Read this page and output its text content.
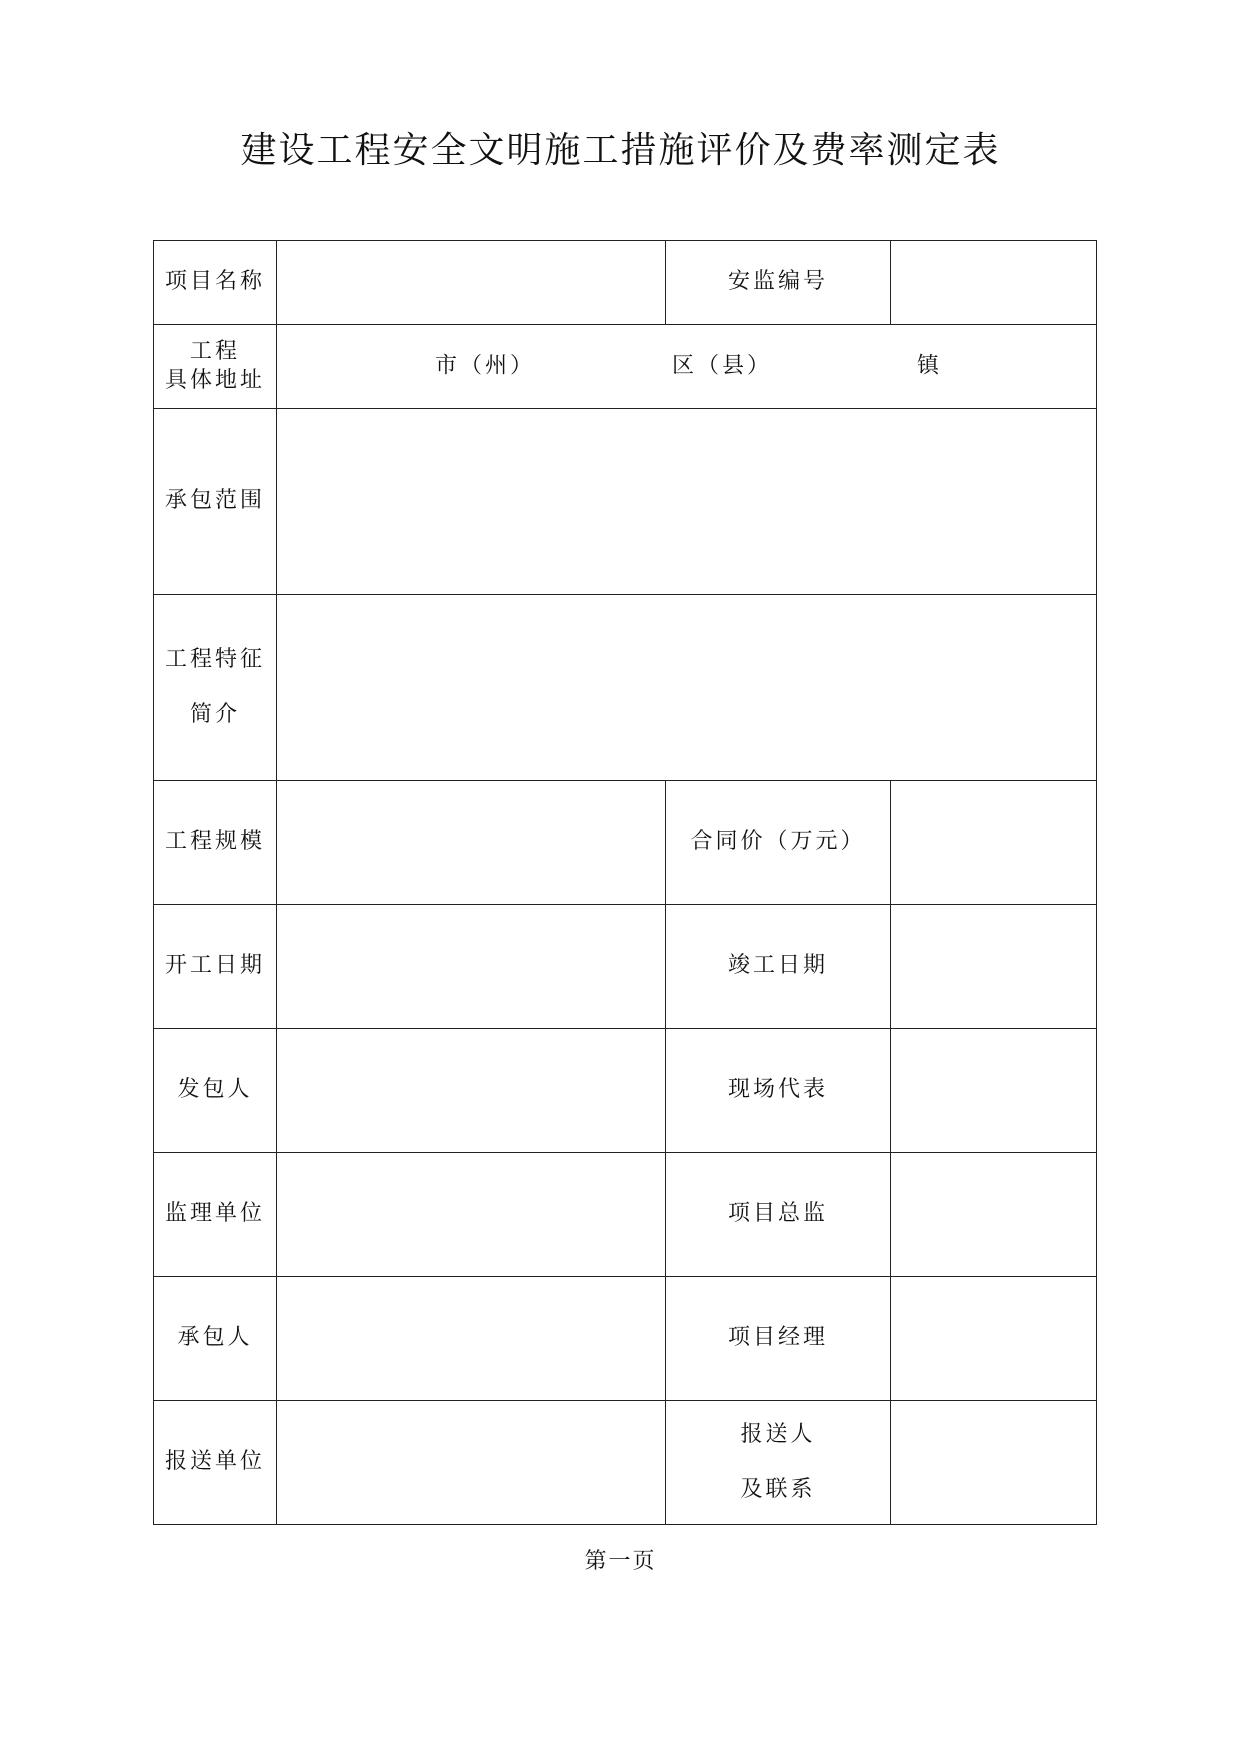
建设工程安全文明施工措施评价及费率测定表
项目名称		安监编号	

工程
具体地址	市（州） 区（县） 镇		

承包范围			

工程特征
简介			

工程规模		合同价（万元）	
开工日期		竣工日期	
发包人		现场代表	
监理单位		项目总监	
承包人		项目经理	
报送单位		报送人
及联系	

第一页
